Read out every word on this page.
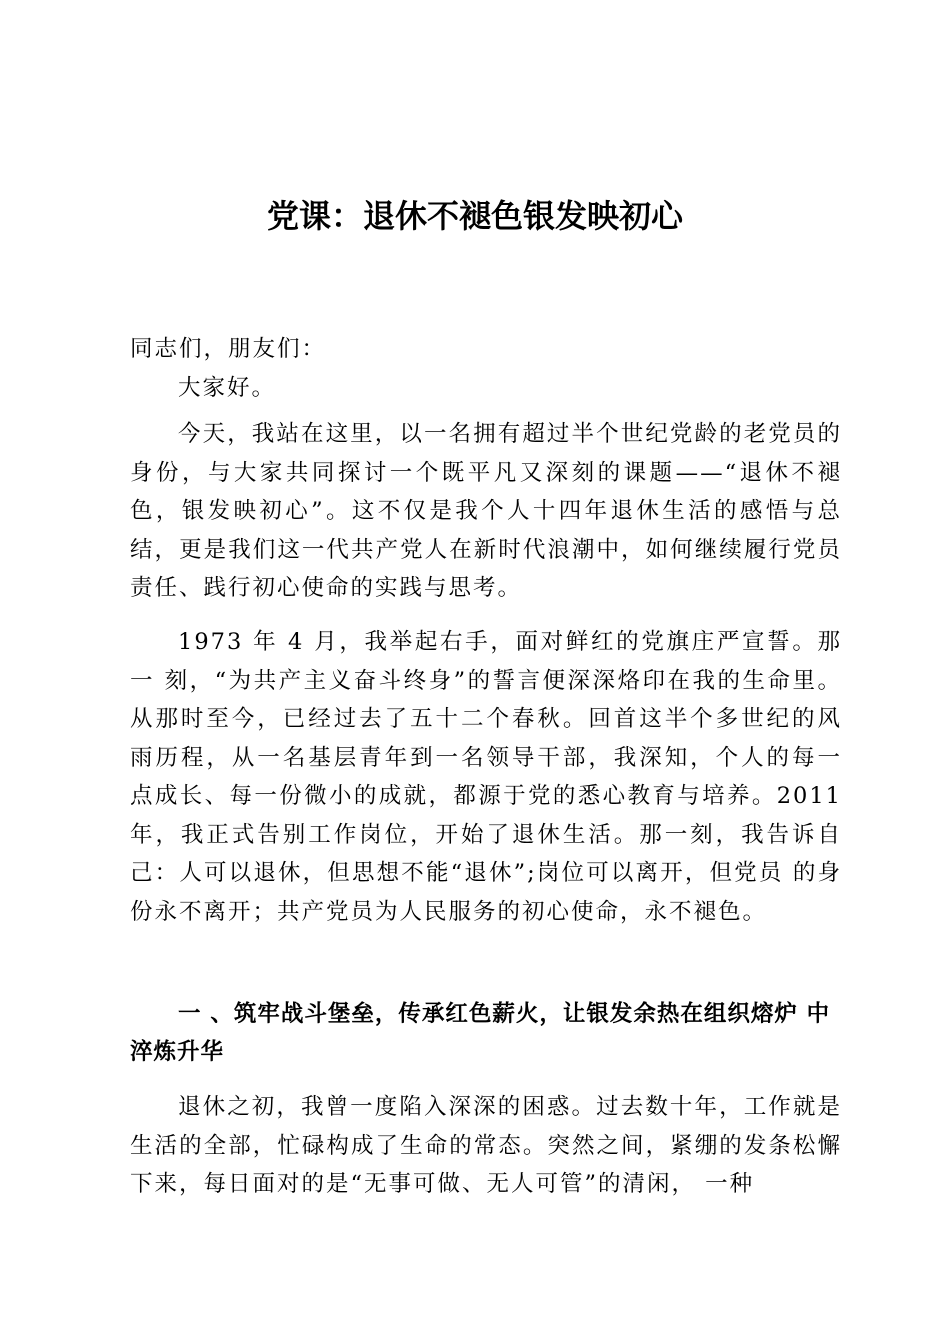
党课：退休不褪色银发映初心

同志们，朋友们：

大家好。

今天，我站在这里，以一名拥有超过半个世纪党龄的老党员的身份，与大家共同探讨一个既平凡又深刻的课题——“退休不褪色，银发映初心”。这不仅是我个人十四年退休生活的感悟与总结，更是我们这一代共产党人在新时代浪潮中，如何继续履行党员责任、践行初心使命的实践与思考。

1973 年 4 月，我举起右手，面对鲜红的党旗庄严宣誓。那一 刻，“为共产主义奋斗终身”的誓言便深深烙印在我的生命里。 从那时至今，已经过去了五十二个春秋。回首这半个多世纪的风 雨历程，从一名基层青年到一名领导干部，我深知，个人的每一 点成长、每一份微小的成就，都源于党的悉心教育与培养。2011 年，我正式告别工作岗位，开始了退休生活。那一刻，我告诉自 己：人可以退休，但思想不能“退休”;岗位可以离开，但党员 的身份永不离开；共产党员为人民服务的初心使命，永不褪色。

一 、筑牢战斗堡垒，传承红色薪火，让银发余热在组织熔炉 中淬炼升华

退休之初，我曾一度陷入深深的困惑。过去数十年，工作就是生活的全部，忙碌构成了生命的常态。突然之间，紧绷的发条松懈下来，每日面对的是“无事可做、无人可管”的清闲， 一种
